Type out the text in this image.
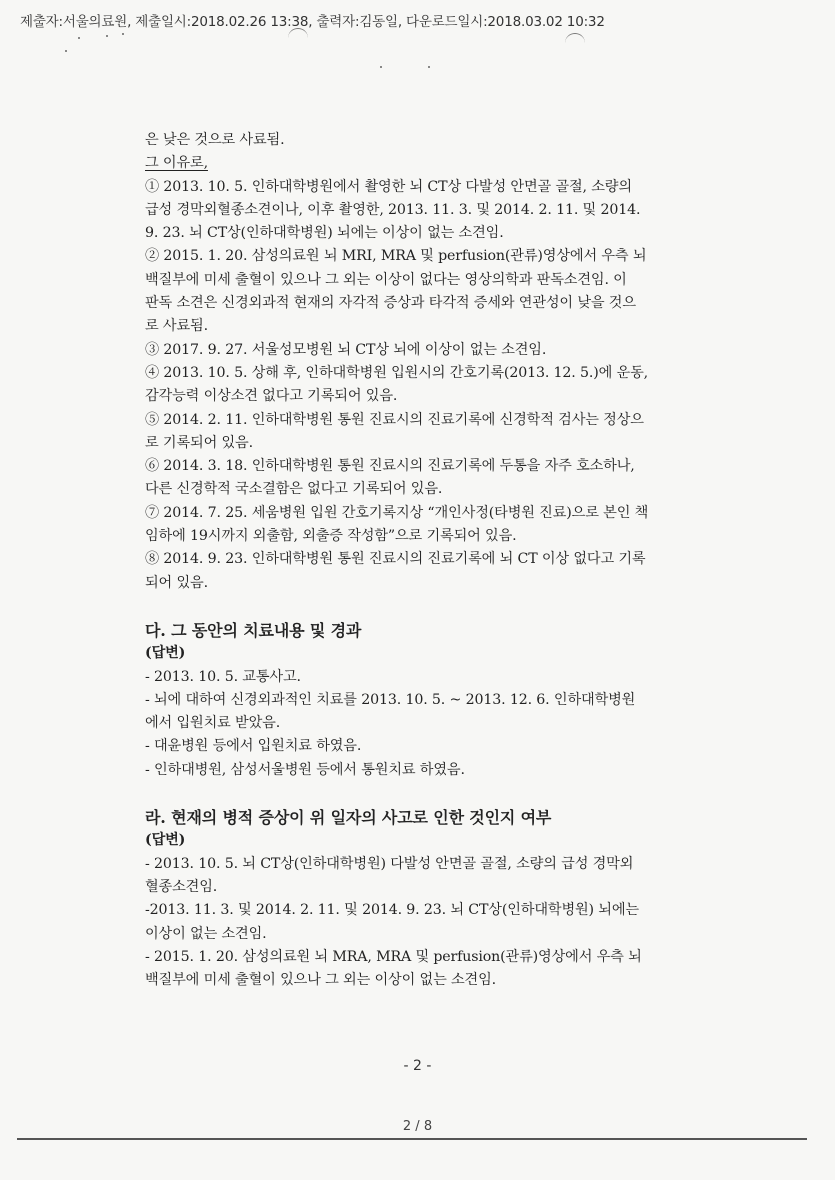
제출자:서울의료원, 제출일시:2018.02.26 13:38, 출력자:김동일, 다운로드일시:2018.03.02 10:32
은 낮은 것으로 사료됨.
그 이유로,
① 2013. 10. 5. 인하대학병원에서 촬영한 뇌 CT상 다발성 안면골 골절, 소량의
급성 경막외혈종소견이나, 이후 촬영한, 2013. 11. 3. 및 2014. 2. 11. 및 2014.
9. 23. 뇌 CT상(인하대학병원) 뇌에는 이상이 없는 소견임.
② 2015. 1. 20. 삼성의료원 뇌 MRI, MRA 및 perfusion(관류)영상에서 우측 뇌
백질부에 미세 출혈이 있으나 그 외는 이상이 없다는 영상의학과 판독소견임. 이
판독 소견은 신경외과적 현재의 자각적 증상과 타각적 증세와 연관성이 낮을 것으
로 사료됨.
③ 2017. 9. 27. 서울성모병원 뇌 CT상 뇌에 이상이 없는 소견임.
④ 2013. 10. 5. 상해 후, 인하대학병원 입원시의 간호기록(2013. 12. 5.)에 운동,
감각능력 이상소견 없다고 기록되어 있음.
⑤ 2014. 2. 11. 인하대학병원 통원 진료시의 진료기록에 신경학적 검사는 정상으
로 기록되어 있음.
⑥ 2014. 3. 18. 인하대학병원 통원 진료시의 진료기록에 두통을 자주 호소하나,
다른 신경학적 국소결함은 없다고 기록되어 있음.
⑦ 2014. 7. 25. 세움병원 입원 간호기록지상 “개인사정(타병원 진료)으로 본인 책
임하에 19시까지 외출함, 외출증 작성함”으로 기록되어 있음.
⑧ 2014. 9. 23. 인하대학병원 통원 진료시의 진료기록에 뇌 CT 이상 없다고 기록
되어 있음.
다. 그 동안의 치료내용 및 경과
(답변)
- 2013. 10. 5. 교통사고.
- 뇌에 대하여 신경외과적인 치료를 2013. 10. 5. ~ 2013. 12. 6. 인하대학병원
에서 입원치료 받았음.
- 대윤병원 등에서 입원치료 하였음.
- 인하대병원, 삼성서울병원 등에서 통원치료 하였음.
라. 현재의 병적 증상이 위 일자의 사고로 인한 것인지 여부
(답변)
- 2013. 10. 5. 뇌 CT상(인하대학병원) 다발성 안면골 골절, 소량의 급성 경막외
혈종소견임.
-2013. 11. 3. 및 2014. 2. 11. 및 2014. 9. 23. 뇌 CT상(인하대학병원) 뇌에는
이상이 없는 소견임.
- 2015. 1. 20. 삼성의료원 뇌 MRA, MRA 및 perfusion(관류)영상에서 우측 뇌
백질부에 미세 출혈이 있으나 그 외는 이상이 없는 소견임.
- 2 -
2 / 8
